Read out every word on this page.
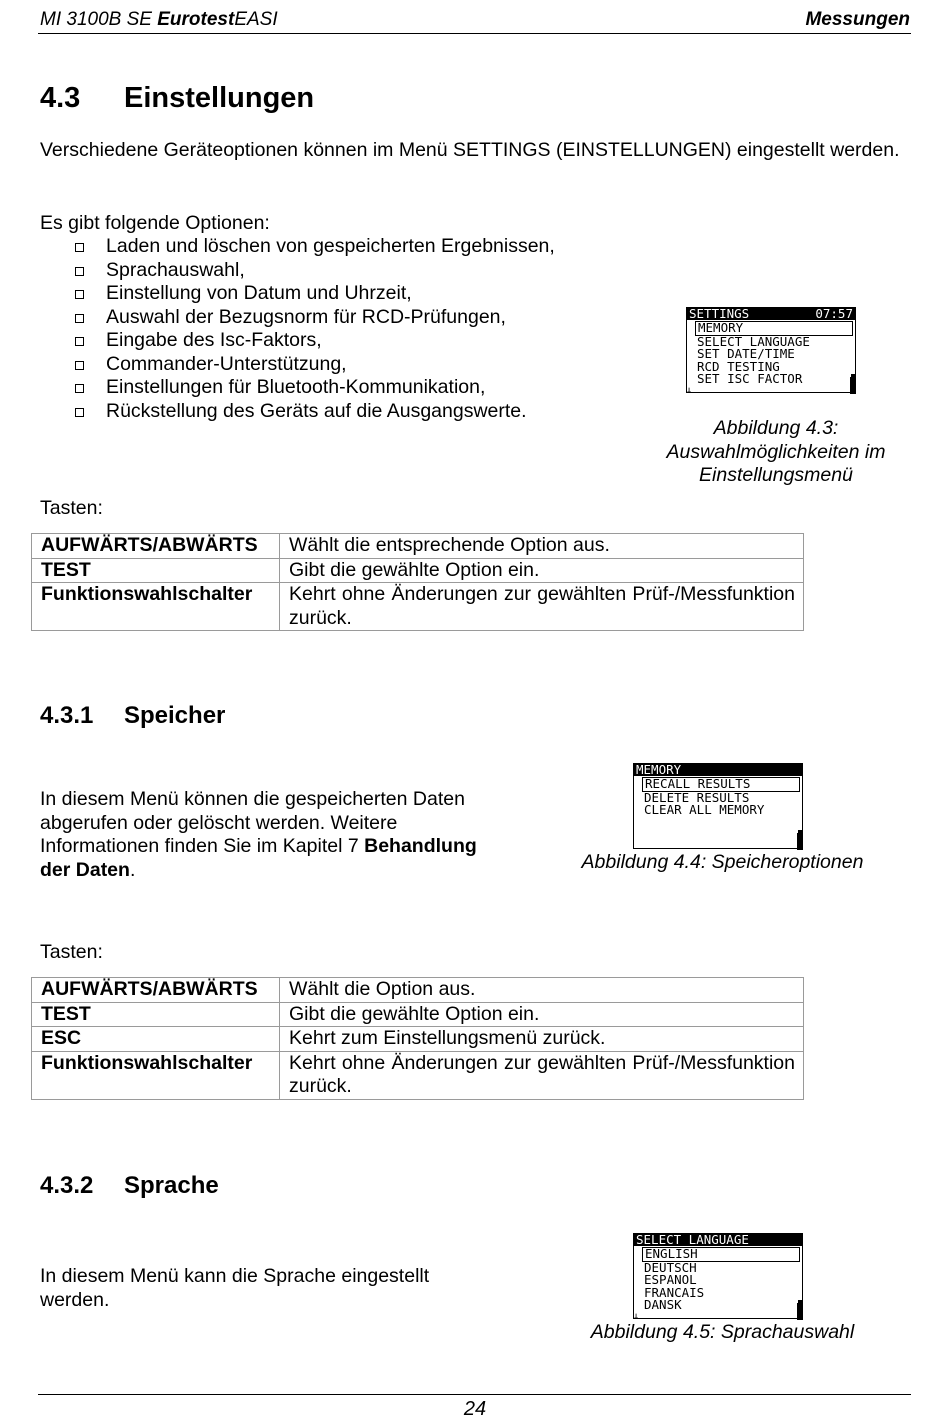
MI 3100B SE EurotestEASI	Messungen
4.3 Einstellungen
Verschiedene Geräteoptionen können im Menü SETTINGS (EINSTELLUNGEN) eingestellt werden.
Es gibt folgende Optionen:
Laden und löschen von gespeicherten Ergebnissen,
Sprachauswahl,
Einstellung von Datum und Uhrzeit,
Auswahl der Bezugsnorm für RCD-Prüfungen,
Eingabe des Isc-Faktors,
Commander-Unterstützung,
Einstellungen für Bluetooth-Kommunikation,
Rückstellung des Geräts auf die Ausgangswerte.
SETTINGS	07:57
MEMORY
SELECT LANGUAGE
SET DATE/TIME
RCD TESTING
SET ISC FACTOR
↓
Abbildung 4.3:
Auswahlmöglichkeiten im
Einstellungsmenü
Tasten:
AUFWÄRTS/ABWÄRTS	Wählt die entsprechende Option aus.
TEST	Gibt die gewählte Option ein.
Funktionswahlschalter	Kehrt ohne Änderungen zur gewählten Prüf-/Messfunktion zurück.
4.3.1 Speicher
In diesem Menü können die gespeicherten Daten abgerufen oder gelöscht werden. Weitere Informationen finden Sie im Kapitel 7 Behandlung der Daten.
MEMORY
RECALL RESULTS
DELETE RESULTS
CLEAR ALL MEMORY
Abbildung 4.4: Speicheroptionen
Tasten:
AUFWÄRTS/ABWÄRTS	Wählt die Option aus.
TEST	Gibt die gewählte Option ein.
ESC	Kehrt zum Einstellungsmenü zurück.
Funktionswahlschalter	Kehrt ohne Änderungen zur gewählten Prüf-/Messfunktion zurück.
4.3.2 Sprache
In diesem Menü kann die Sprache eingestellt werden.
SELECT LANGUAGE
ENGLISH
DEUTSCH
ESPANOL
FRANCAIS
DANSK
↓
Abbildung 4.5: Sprachauswahl
24
